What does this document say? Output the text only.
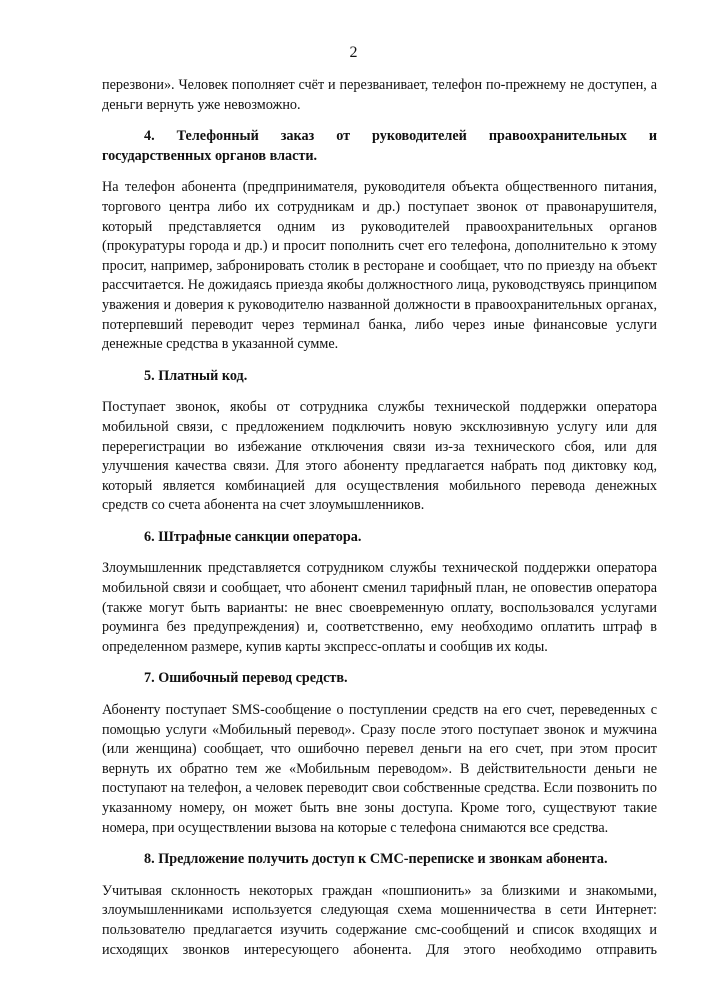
2

перезвони». Человек пополняет счёт и перезванивает, телефон по-прежнему не доступен, а деньги вернуть уже невозможно.

4. Телефонный заказ от руководителей правоохранительных и государственных органов власти.

На телефон абонента (предпринимателя, руководителя объекта общественного питания, торгового центра либо их сотрудникам и др.) поступает звонок от правонарушителя, который представляется одним из руководителей правоохранительных органов (прокуратуры города и др.) и просит пополнить счет его телефона, дополнительно к этому просит, например, забронировать столик в ресторане и сообщает, что по приезду на объект рассчитается. Не дожидаясь приезда якобы должностного лица, руководствуясь принципом уважения и доверия к руководителю названной должности в правоохранительных органах, потерпевший переводит через терминал банка, либо через иные финансовые услуги денежные средства в указанной сумме.

5. Платный код.

Поступает звонок, якобы от сотрудника службы технической поддержки оператора мобильной связи, с предложением подключить новую эксклюзивную услугу или для перерегистрации во избежание отключения связи из-за технического сбоя, или для улучшения качества связи. Для этого абоненту предлагается набрать под диктовку код, который является комбинацией для осуществления мобильного перевода денежных средств со счета абонента на счет злоумышленников.

6. Штрафные санкции оператора.

Злоумышленник представляется сотрудником службы технической поддержки оператора мобильной связи и сообщает, что абонент сменил тарифный план, не оповестив оператора (также могут быть варианты: не внес своевременную оплату, воспользовался услугами роуминга без предупреждения) и, соответственно, ему необходимо оплатить штраф в определенном размере, купив карты экспресс-оплаты и сообщив их коды.

7. Ошибочный перевод средств.

Абоненту поступает SMS-сообщение о поступлении средств на его счет, переведенных с помощью услуги «Мобильный перевод». Сразу после этого поступает звонок и мужчина (или женщина) сообщает, что ошибочно перевел деньги на его счет, при этом просит вернуть их обратно тем же «Мобильным переводом». В действительности деньги не поступают на телефон, а человек переводит свои собственные средства. Если позвонить по указанному номеру, он может быть вне зоны доступа. Кроме того, существуют такие номера, при осуществлении вызова на которые с телефона снимаются все средства.

8. Предложение получить доступ к СМС-переписке и звонкам абонента.

Учитывая склонность некоторых граждан «пошпионить» за близкими и знакомыми, злоумышленниками используется следующая схема мошенничества в сети Интернет: пользователю предлагается изучить содержание смс-сообщений и список входящих и исходящих звонков интересующего абонента. Для этого необходимо отправить
